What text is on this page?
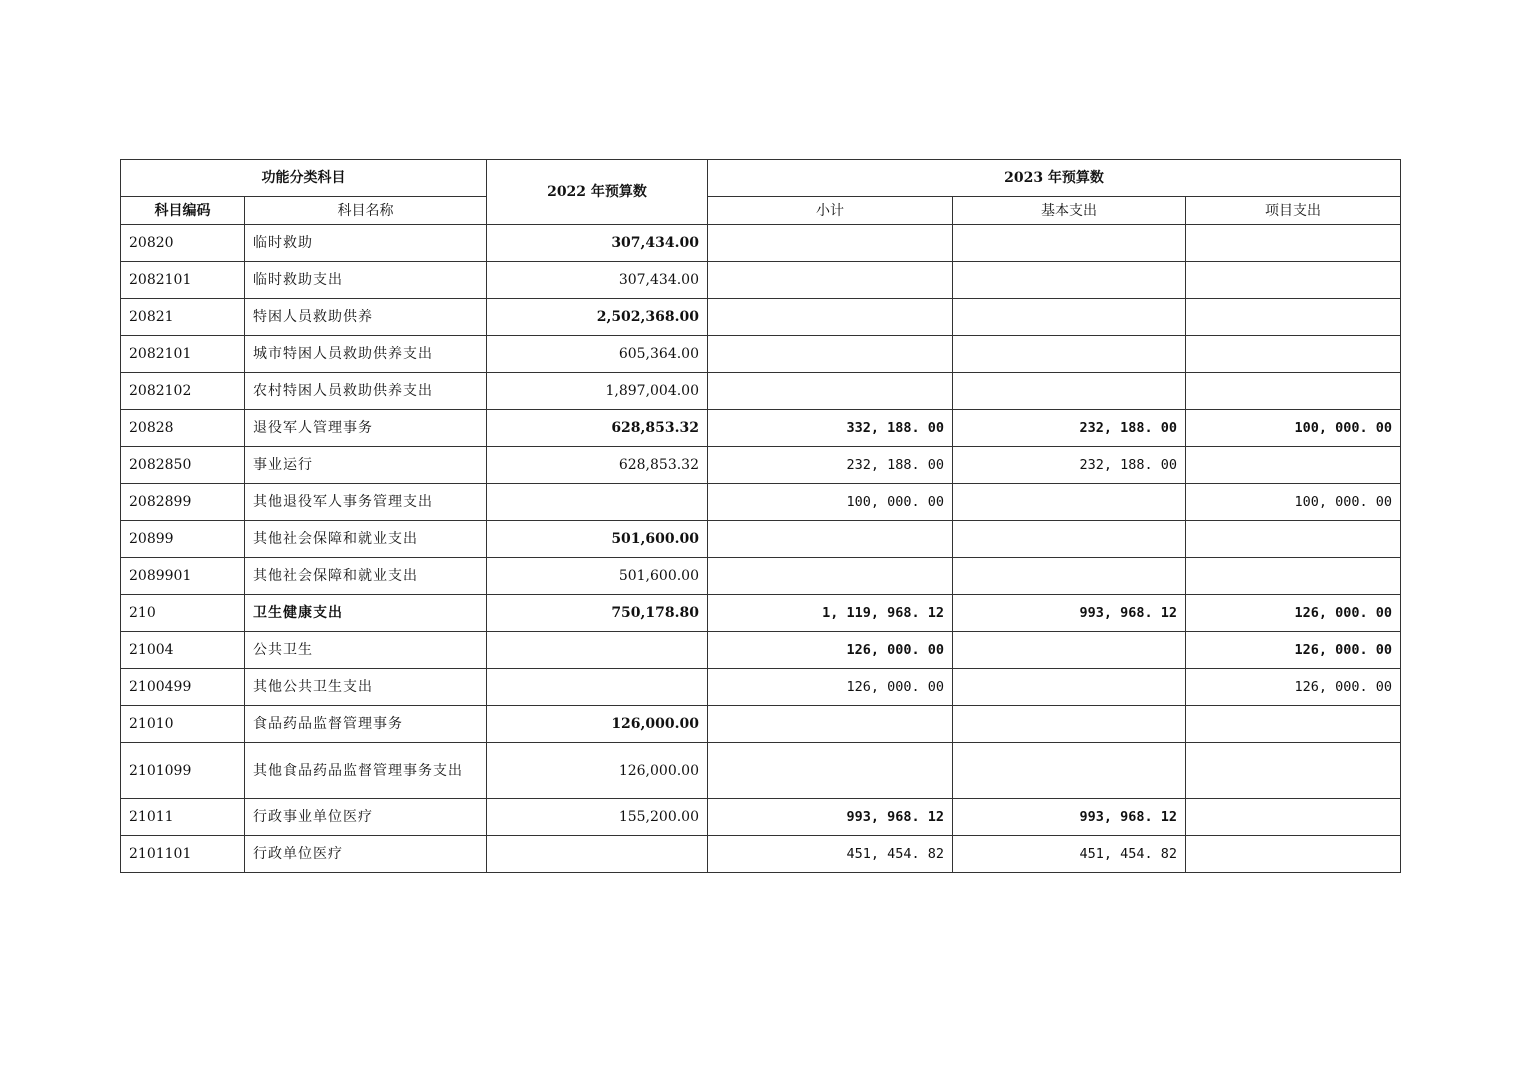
功能分类科目		2022 年预算数	2023 年预算数		
科目编码	科目名称		小计	基本支出	项目支出
20820	临时救助	307,434.00			
2082101	临时救助支出	307,434.00			
20821	特困人员救助供养	2,502,368.00			
2082101	城市特困人员救助供养支出	605,364.00			
2082102	农村特困人员救助供养支出	1,897,004.00			
20828	退役军人管理事务	628,853.32	332, 188. 00	232, 188. 00	100, 000. 00
2082850	事业运行	628,853.32	232, 188. 00	232, 188. 00	
2082899	其他退役军人事务管理支出		100, 000. 00		100, 000. 00
20899	其他社会保障和就业支出	501,600.00			
2089901	其他社会保障和就业支出	501,600.00			
210	卫生健康支出	750,178.80	1, 119, 968. 12	993, 968. 12	126, 000. 00
21004	公共卫生		126, 000. 00		126, 000. 00
2100499	其他公共卫生支出		126, 000. 00		126, 000. 00
21010	食品药品监督管理事务	126,000.00			
2101099	其他食品药品监督管理事务支出	126,000.00			
21011	行政事业单位医疗	155,200.00	993, 968. 12	993, 968. 12	
2101101	行政单位医疗		451, 454. 82	451, 454. 82	
